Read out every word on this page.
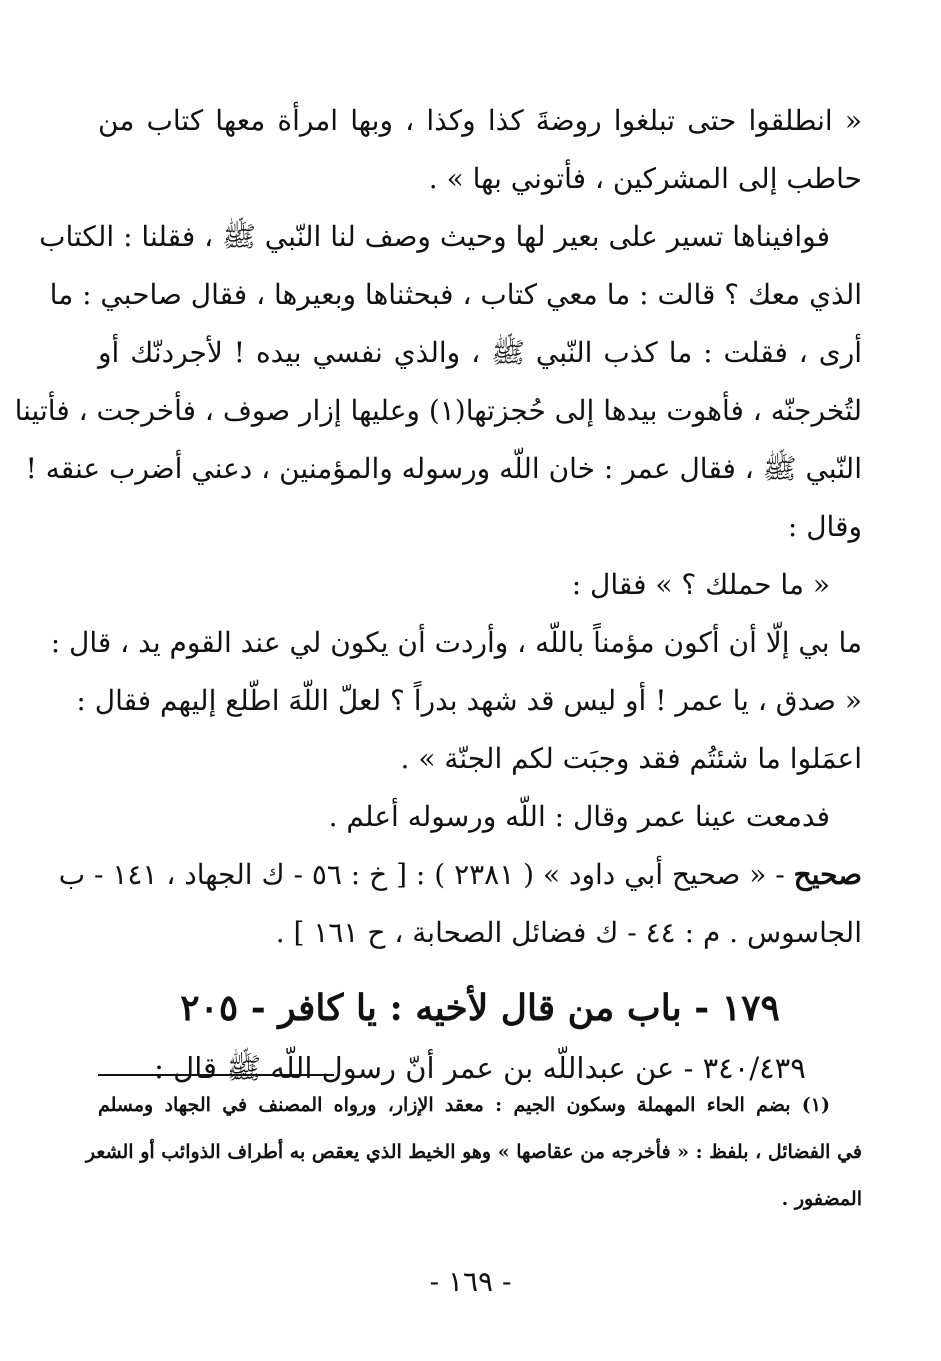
« انطلقوا حتى تبلغوا روضةَ كذا وكذا ، وبها امرأة معها كتاب من
حاطب إلى المشركين ، فأتوني بها » .
فوافيناها تسير على بعير لها وحيث وصف لنا النّبي ﷺ ، فقلنا : الكتاب
الذي معك ؟ قالت : ما معي كتاب ، فبحثناها وبعيرها ، فقال صاحبي : ما
أرى ، فقلت : ما كذب النّبي ﷺ ، والذي نفسي بيده ! لأجردنّك أو
لتُخرجنّه ، فأهوت بيدها إلى حُجزتها(١) وعليها إزار صوف ، فأخرجت ، فأتينا
النّبي ﷺ ، فقال عمر : خان اللّه ورسوله والمؤمنين ، دعني أضرب عنقه !
وقال :
« ما حملك ؟ » فقال :
ما بي إلّا أن أكون مؤمناً باللّه ، وأردت أن يكون لي عند القوم يد ، قال :
« صدق ، يا عمر ! أو ليس قد شهد بدراً ؟ لعلّ اللّهَ اطّلع إليهم فقال :
اعمَلوا ما شئتُم فقد وجبَت لكم الجنّة » .
فدمعت عينا عمر وقال : اللّه ورسوله أعلم .
صحيح - « صحيح أبي داود » ( ٢٣٨١ ) : [ خ : ٥٦ - ك الجهاد ، ١٤١ - ب
الجاسوس . م : ٤٤ - ك فضائل الصحابة ، ح ١٦١ ] .
١٧٩ - باب من قال لأخيه : يا كافر - ٢٠٥
٣٤٠/٤٣٩ - عن عبداللّه بن عمر أنّ رسول اللّه ﷺ قال :
(١) بضم الحاء المهملة وسكون الجيم : معقد الإزار، ورواه المصنف في الجهاد ومسلم
في الفضائل ، بلفظ : « فأخرجه من عقاصها » وهو الخيط الذي يعقص به أطراف الذوائب أو الشعر
المضفور .
- ١٦٩ -
